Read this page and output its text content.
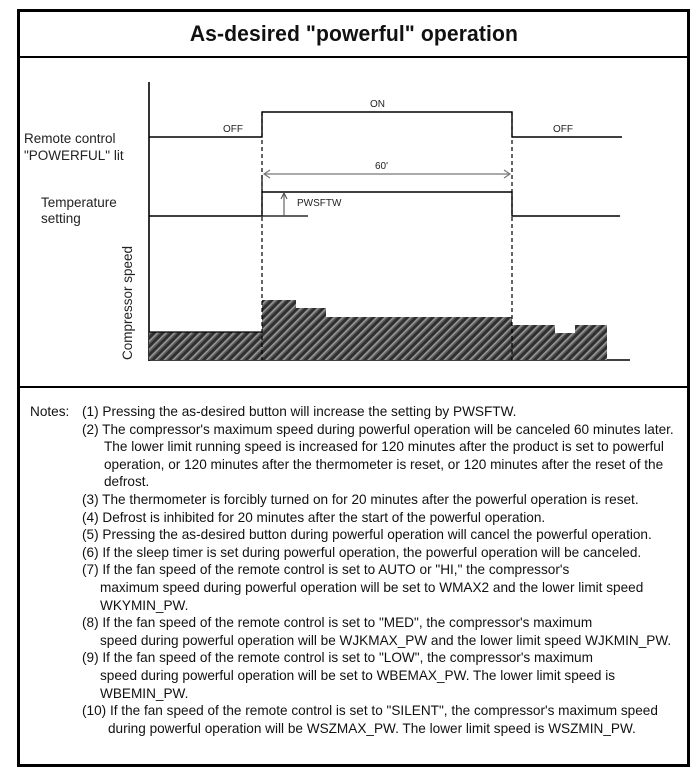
As-desired "powerful" operation
Remote control
"POWERFUL" lit
Temperature
setting
Compressor speed
OFF
ON
OFF
60'
PWSFTW
Notes: (1) Pressing the as-desired button will increase the setting by PWSFTW.
(2) The compressor's maximum speed during powerful operation will be canceled 60 minutes later.
The lower limit running speed is increased for 120 minutes after the product is set to powerful
operation, or 120 minutes after the thermometer is reset, or 120 minutes after the reset of the
defrost.
(3) The thermometer is forcibly turned on for 20 minutes after the powerful operation is reset.
(4) Defrost is inhibited for 20 minutes after the start of the powerful operation.
(5) Pressing the as-desired button during powerful operation will cancel the powerful operation.
(6) If the sleep timer is set during powerful operation, the powerful operation will be canceled.
(7) If the fan speed of the remote control is set to AUTO or "HI," the compressor's
maximum speed during powerful operation will be set to WMAX2 and the lower limit speed
WKYMIN_PW.
(8) If the fan speed of the remote control is set to "MED", the compressor's maximum
speed during powerful operation will be WJKMAX_PW and the lower limit speed WJKMIN_PW.
(9) If the fan speed of the remote control is set to "LOW", the compressor's maximum
speed during powerful operation will be set to WBEMAX_PW. The lower limit speed is
WBEMIN_PW.
(10) If the fan speed of the remote control is set to "SILENT", the compressor's maximum speed
during powerful operation will be WSZMAX_PW. The lower limit speed is WSZMIN_PW.
